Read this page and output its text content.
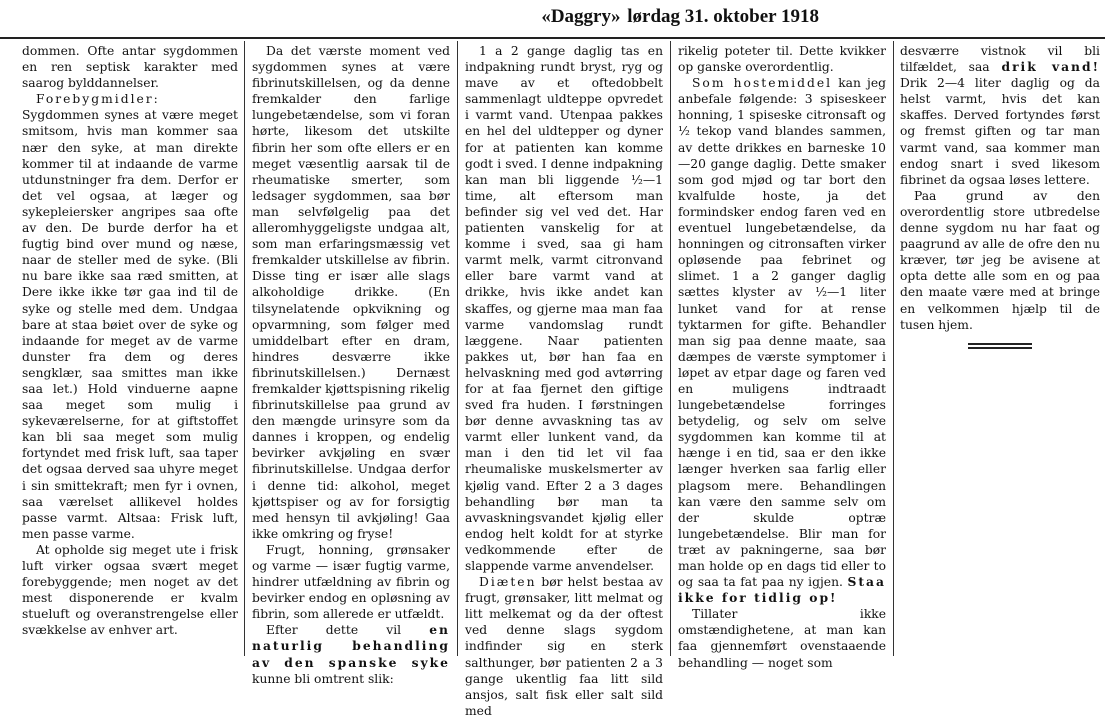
«Daggry» lørdag 31. oktober 1918

dommen. Ofte antar sygdommen en ren septisk karakter med saarog bylddannelser.

Forebygmidler: Sygdommen synes at være meget smitsom, hvis man kommer saa nær den syke, at man direkte kommer til at indaande de varme utdunstninger fra dem. Derfor er det vel ogsaa, at læger og sykepleiersker angripes saa ofte av den. De burde derfor ha et fugtig bind over mund og næse, naar de steller med de syke. (Bli nu bare ikke saa ræd smitten, at Dere ikke ikke tør gaa ind til de syke og stelle med dem. Undgaa bare at staa bøiet over de syke og indaande for meget av de varme dunster fra dem og deres sengklær, saa smittes man ikke saa let.) Hold vinduerne aapne saa meget som mulig i sykeværelserne, for at giftstoffet kan bli saa meget som mulig fortyndet med frisk luft, saa taper det ogsaa derved saa uhyre meget i sin smittekraft; men fyr i ovnen, saa værelset allikevel holdes passe varmt. Altsaa: Frisk luft, men passe varme.

At opholde sig meget ute i frisk luft virker ogsaa svært meget forebyggende; men noget av det mest disponerende er kvalm stueluft og overanstrengelse eller svækkelse av enhver art.

Da det værste moment ved sygdommen synes at være fibrinutskillelsen, og da denne fremkalder den farlige lungebetændelse, som vi foran hørte, likesom det utskilte fibrin her som ofte ellers er en meget væsentlig aarsak til de rheumatiske smerter, som ledsager sygdommen, saa bør man selvfølgelig paa det alleromhyggeligste undgaa alt, som man erfaringsmæssig vet fremkalder utskillelse av fibrin. Disse ting er især alle slags alkoholdige drikke. (En tilsynelatende opkvikning og opvarmning, som følger med umiddelbart efter en dram, hindres desværre ikke fibrinutskillelsen.) Dernæst fremkalder kjøttspisning rikelig fibrinutskillelse paa grund av den mængde urinsyre som da dannes i kroppen, og endelig bevirker avkjøling en svær fibrinutskillelse. Undgaa derfor i denne tid: alkohol, meget kjøttspiser og av for forsigtig med hensyn til avkjøling! Gaa ikke omkring og fryse!

Frugt, honning, grønsaker og varme — især fugtig varme, hindrer utfældning av fibrin og bevirker endog en opløsning av fibrin, som allerede er utfældt.

Efter dette vil en naturlig behandling av den spanske syke kunne bli omtrent slik:

1 a 2 gange daglig tas en indpakning rundt bryst, ryg og mave av et oftedobbelt sammenlagt uldteppe opvredet i varmt vand. Utenpaa pakkes en hel del uldtepper og dyner for at patienten kan komme godt i sved. I denne indpakning kan man bli liggende ½—1 time, alt eftersom man befinder sig vel ved det. Har patienten vanskelig for at komme i sved, saa gi ham varmt melk, varmt citronvand eller bare varmt vand at drikke, hvis ikke andet kan skaffes, og gjerne maa man faa varme vandomslag rundt læggene. Naar patienten pakkes ut, bør han faa en helvaskning med god avtørring for at faa fjernet den giftige sved fra huden. I førstningen bør denne avvaskning tas av varmt eller lunkent vand, da man i den tid let vil faa rheumaliske muskelsmerter av kjølig vand. Efter 2 a 3 dages behandling bør man ta avvaskningsvandet kjølig eller endog helt koldt for at styrke vedkommende efter de slappende varme anvendelser.

Diæten bør helst bestaa av frugt, grønsaker, litt melmat og litt melkemat og da der oftest ved denne slags sygdom indfinder sig en sterk salthunger, bør patienten 2 a 3 gange ukentlig faa litt sild ansjos, salt fisk eller salt sild med

rikelig poteter til. Dette kvikker op ganske overordentlig.

Som hostemiddel kan jeg anbefale følgende: 3 spiseskeer honning, 1 spiseske citronsaft og ½ tekop vand blandes sammen, av dette drikkes en barneske 10—20 gange daglig. Dette smaker som god mjød og tar bort den kvalfulde hoste, ja det formindsker endog faren ved en eventuel lungebetændelse, da honningen og citronsaften virker opløsende paa febrinet og slimet. 1 a 2 ganger daglig sættes klyster av ½—1 liter lunket vand for at rense tyktarmen for gifte. Behandler man sig paa denne maate, saa dæmpes de værste symptomer i løpet av etpar dage og faren ved en muligens indtraadt lungebetændelse forringes betydelig, og selv om selve sygdommen kan komme til at hænge i en tid, saa er den ikke længer hverken saa farlig eller plagsom mere. Behandlingen kan være den samme selv om der skulde optræ lungebetændelse. Blir man for træt av pakningerne, saa bør man holde op en dags tid eller to og saa ta fat paa ny igjen. Staa ikke for tidlig op!

Tillater ikke omstændighetene, at man kan faa gjennemført ovenstaaende behandling — noget som

desværre vistnok vil bli tilfældet, saa drik vand! Drik 2—4 liter daglig og da helst varmt, hvis det kan skaffes. Derved fortyndes først og fremst giften og tar man varmt vand, saa kommer man endog snart i sved likesom fibrinet da ogsaa løses lettere.

Paa grund av den overordentlig store utbredelse denne sygdom nu har faat og paagrund av alle de ofre den nu kræver, tør jeg be avisene at opta dette alle som en og paa den maate være med at bringe en velkommen hjælp til de tusen hjem.
